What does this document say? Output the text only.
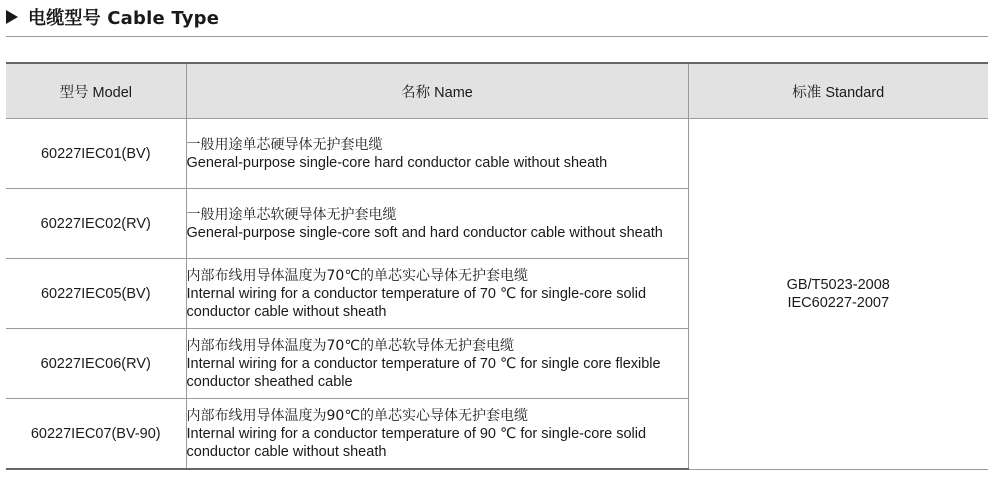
电缆型号 Cable Type
型号 Model	名称 Name	标准 Standard
60227IEC01(BV)	一般用途单芯硬导体无护套电缆
General-purpose single-core hard conductor cable without sheath	GB/T5023-2008
IEC60227-2007

60227IEC02(RV)	一般用途单芯软硬导体无护套电缆
General-purpose single-core soft and hard conductor cable without sheath	

60227IEC05(BV)	内部布线用导体温度为70℃的单芯实心导体无护套电缆
Internal wiring for a conductor temperature of 70 ℃ for single-core solid conductor cable without sheath	

60227IEC06(RV)	内部布线用导体温度为70℃的单芯软导体无护套电缆
Internal wiring for a conductor temperature of 70 ℃ for single core flexible conductor sheathed cable	

60227IEC07(BV-90)	内部布线用导体温度为90℃的单芯实心导体无护套电缆
Internal wiring for a conductor temperature of 90 ℃ for single-core solid conductor cable without sheath	
